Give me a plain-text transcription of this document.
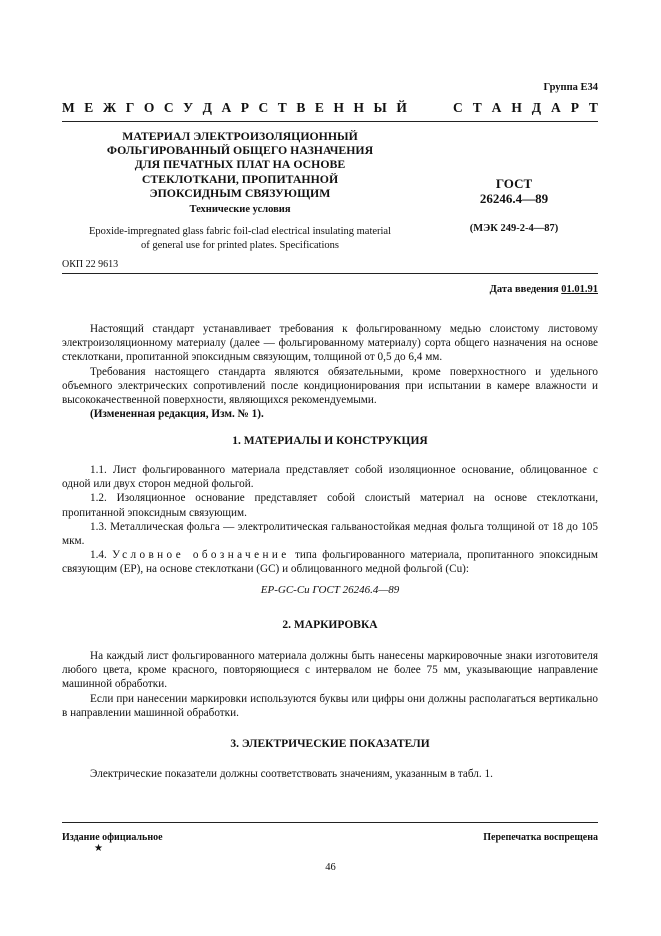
Группа Е34
М Е Ж Г О С У Д А Р С Т В Е Н Н Ы Й	С Т А Н Д А Р Т
МАТЕРИАЛ ЭЛЕКТРОИЗОЛЯЦИОННЫЙ
ФОЛЬГИРОВАННЫЙ ОБЩЕГО НАЗНАЧЕНИЯ
ДЛЯ ПЕЧАТНЫХ ПЛАТ НА ОСНОВЕ
СТЕКЛОТКАНИ, ПРОПИТАННОЙ
ЭПОКСИДНЫМ СВЯЗУЮЩИМ
Технические условия
Epoxide-impregnated glass fabric foil-clad electrical insulating material
of general use for printed plates. Specifications
ОКП 22 9613
ГОСТ
26246.4—89
(МЭК 249-2-4—87)
Дата введения 01.01.91

Настоящий стандарт устанавливает требования к фольгированному медью слоистому листовому электроизоляционному материалу (далее — фольгированному материалу) сорта общего назначения на основе стеклоткани, пропитанной эпоксидным связующим, толщиной от 0,5 до 6,4 мм.

Требования настоящего стандарта являются обязательными, кроме поверхностного и удельного объемного электрических сопротивлений после кондиционирования при испытании в камере влажности и высококачественной поверхности, являющихся рекомендуемыми.

(Измененная редакция, Изм. № 1).

1. МАТЕРИАЛЫ И КОНСТРУКЦИЯ

1.1. Лист фольгированного материала представляет собой изоляционное основание, облицованное с одной или двух сторон медной фольгой.

1.2. Изоляционное основание представляет собой слоистый материал на основе стеклоткани, пропитанной эпоксидным связующим.

1.3. Металлическая фольга — электролитическая гальваностойкая медная фольга толщиной от 18 до 105 мкм.

1.4. Условное обозначение типа фольгированного материала, пропитанного эпоксидным связующим (ЕР), на основе стеклоткани (GC) и облицованного медной фольгой (Cu):

EP-GC-Cu ГОСТ 26246.4—89
2. МАРКИРОВКА

На каждый лист фольгированного материала должны быть нанесены маркировочные знаки изготовителя любого цвета, кроме красного, повторяющиеся с интервалом не более 75 мм, указывающие направление машинной обработки.

Если при нанесении маркировки используются буквы или цифры они должны располагаться вертикально в направлении машинной обработки.

3. ЭЛЕКТРИЧЕСКИЕ ПОКАЗАТЕЛИ

Электрические показатели должны соответствовать значениям, указанным в табл. 1.

Издание официальное
★
Перепечатка воспрещена
46
